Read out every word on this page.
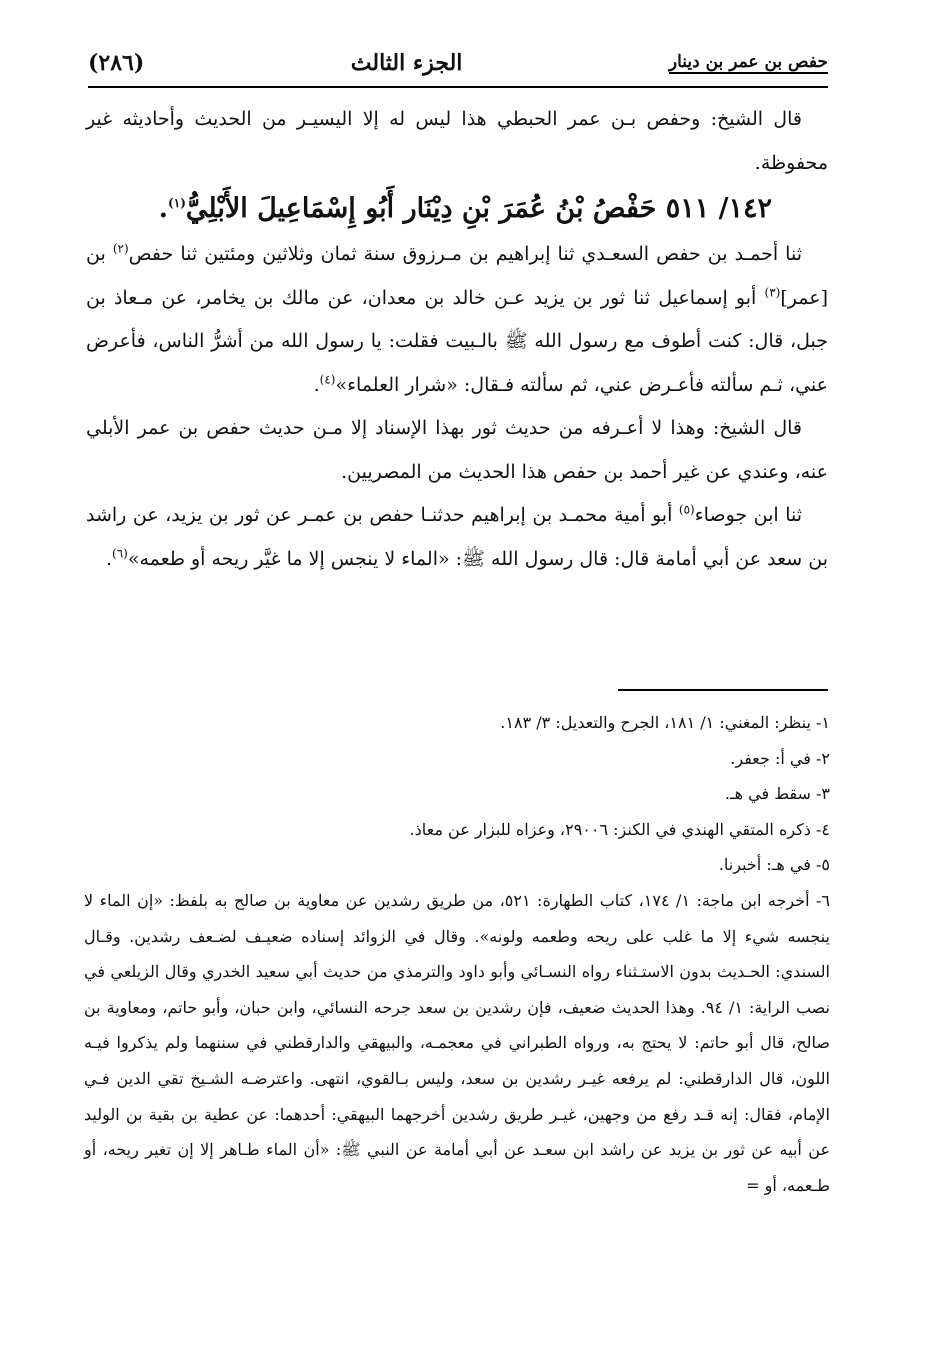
حفص بن عمر بن دينار
الجزء الثالث
(٢٨٦)

قال الشيخ: وحفص بـن عمر الحبطي هذا ليس له إلا اليسيـر من الحديث وأحاديثه غير محفوظة.

١٤٢/ ٥١١ حَفْصُ بْنُ عُمَرَ بْنِ دِيْنَار أَبُو إِسْمَاعِيلَ الأَبْلِيُّ$^{(١)}$.

ثنا أحمـد بن حفص السعـدي ثنا إبراهيم بن مـرزوق سنة ثمان وثلاثين ومئتين ثنا حفص$^{(٢)}$ بن [عمر]$^{(٣)}$ أبو إسماعيل ثنا ثور بن يزيد عـن خالد بن معدان، عن مالك بن يخامر، عن مـعاذ بن جبل، قال: كنت أطوف مع رسول الله ﷺ بالـبيت فقلت: يا رسول الله من أشرُّ الناس، فأعرض عني، ثـم سألته فأعـرض عني، ثم سألته فـقال: «شرار العلماء»$^{(٤)}$.

قال الشيخ: وهذا لا أعـرفه من حديث ثور بهذا الإسناد إلا مـن حديث حفص بن عمر الأبلي عنه، وعندي عن غير أحمد بن حفص هذا الحديث من المصريين.

ثنا ابن جوصاء$^{(٥)}$ أبو أمية محمـد بن إبراهيم حدثنـا حفص بن عمـر عن ثور بن يزيد، عن راشد بن سعد عن أبي أمامة قال: قال رسول الله ﷺ: «الماء لا ينجس إلا ما غيَّر ريحه أو طعمه»$^{(٦)}$.

١- ينظر: المغني: ١/ ١٨١، الجرح والتعديل: ٣/ ١٨٣.

٢- في أ: جعفر.

٣- سقط في هـ.

٤- ذكره المتقي الهندي في الكنز: ٢٩٠٠٦، وعزاه للبزار عن معاذ.

٥- في هـ: أخبرنا.

٦- أخرجه ابن ماجة: ١/ ١٧٤، كتاب الطهارة: ٥٢١، من طريق رشدين عن معاوية بن صالح به بلفظ: «إن الماء لا ينجسه شيء إلا ما غلب على ريحه وطعمه ولونه». وقال في الزوائد إسناده ضعيـف لضـعف رشدين. وقـال السندي: الحـديث بدون الاستـثناء رواه النسـائي وأبو داود والترمذي من حديث أبي سعيد الخدري وقال الزيلعي في نصب الراية: ١/ ٩٤. وهذا الحديث ضعيف، فإن رشدين بن سعد جرحه النسائي، وابن حبان، وأبو حاتم، ومعاوية بن صالح، قال أبو حاتم: لا يحتج به، ورواه الطبراني في معجمـه، والبيهقي والدارقطني في سننهما ولم يذكروا فيـه اللون، قال الدارقطني: لم يرفعه غيـر رشدين بن سعد، وليس بـالقوي، انتهى. واعترضـه الشـيخ تقي الدين فـي الإمام، فقال: إنه قـد رفع من وجهين، غيـر طريق رشدين أخرجهما البيهقي: أحدهما: عن عطية بن بقية بن الوليد عن أبيه عن ثور بن يزيد عن راشد ابن سعـد عن أبي أمامة عن النبي ﷺ: «أن الماء طـاهر إلا إن تغير ريحه، أو طـعمه، أو =
